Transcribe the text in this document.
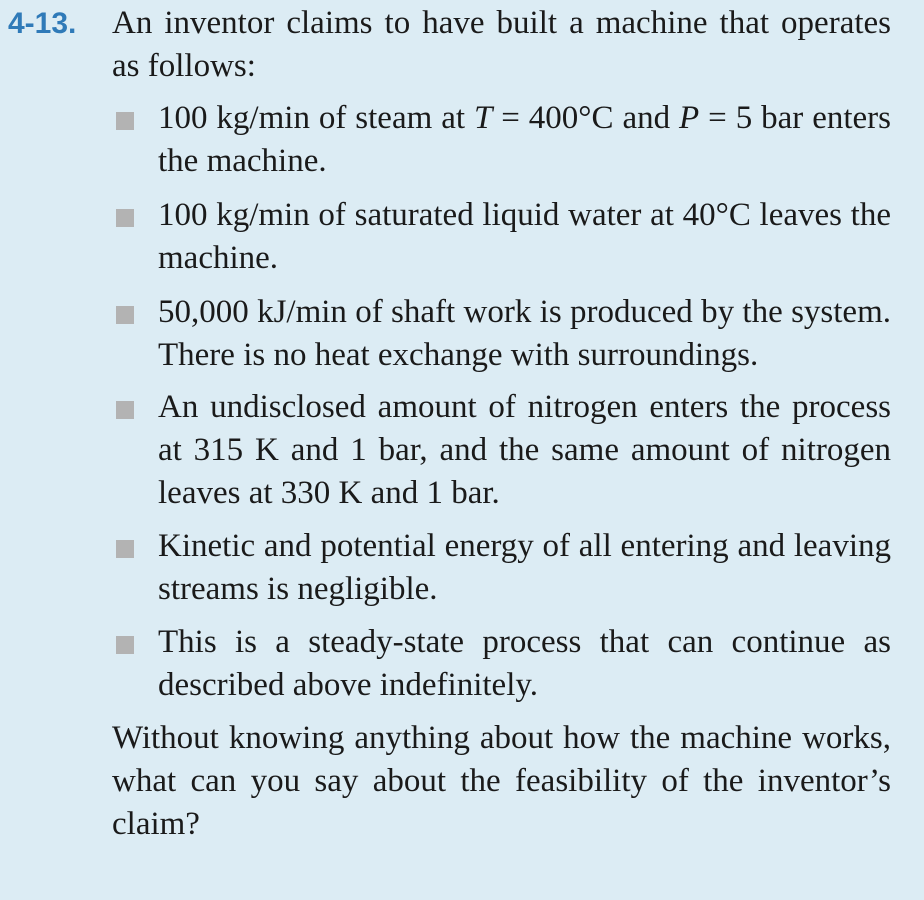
4-13. An inventor claims to have built a machine that operates as follows:

100 kg/min of steam at T = 400°C and P = 5 bar enters the machine.
100 kg/min of saturated liquid water at 40°C leaves the machine.
50,000 kJ/min of shaft work is produced by the system. There is no heat exchange with surroundings.
An undisclosed amount of nitrogen enters the process at 315 K and 1 bar, and the same amount of nitrogen leaves at 330 K and 1 bar.
Kinetic and potential energy of all entering and leaving streams is negligible.
This is a steady-state process that can continue as described above indefinitely.

Without knowing anything about how the machine works, what can you say about the feasibility of the inventor’s claim?
